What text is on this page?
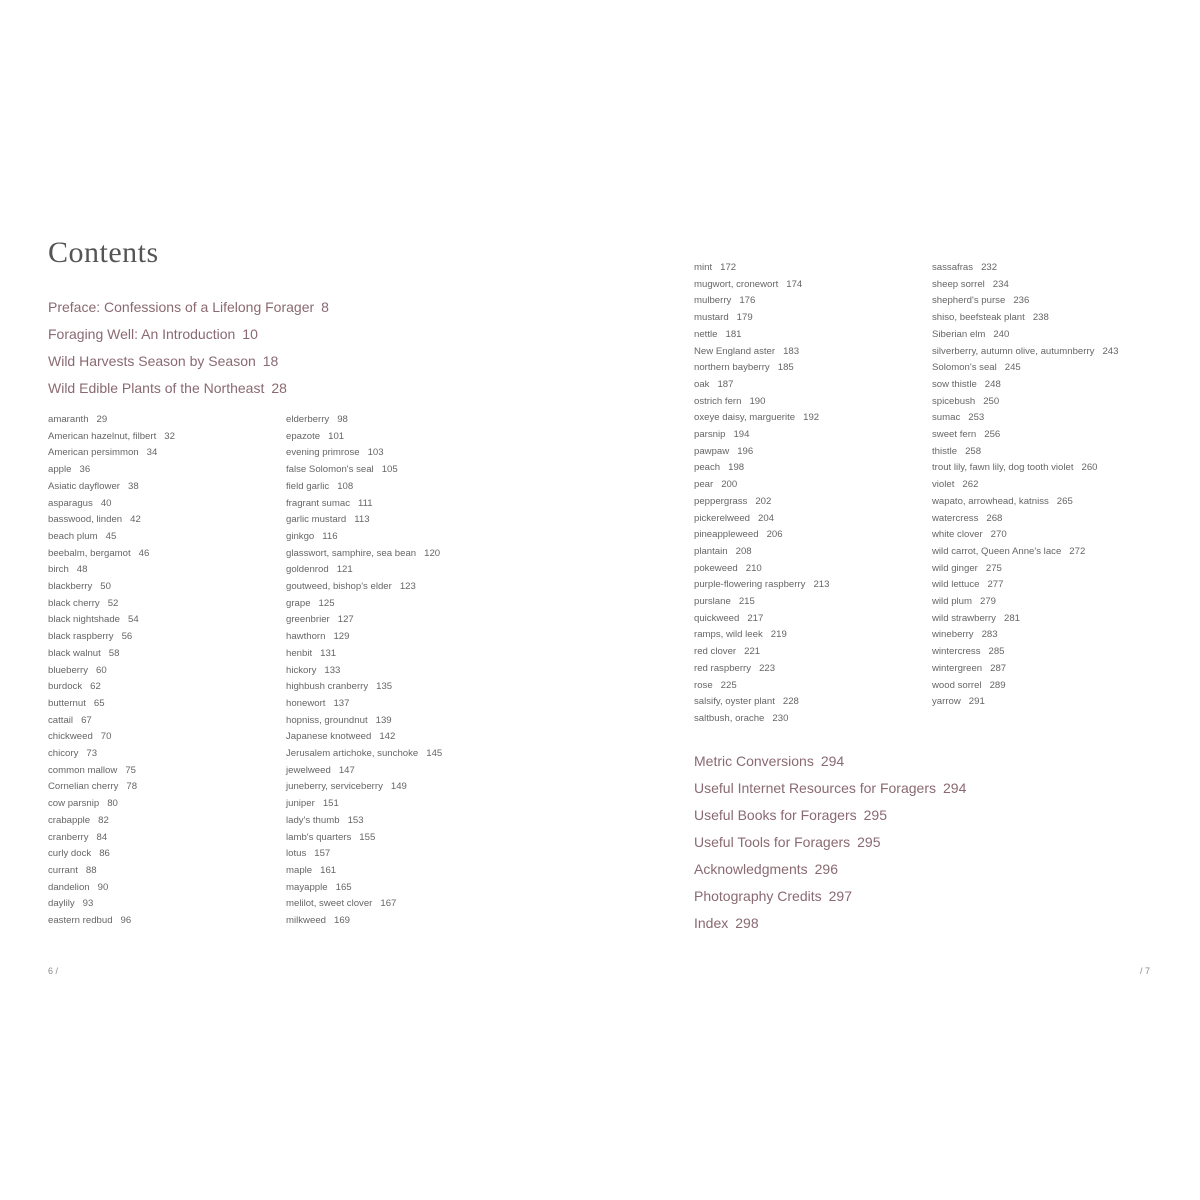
Contents
Preface: Confessions of a Lifelong Forager 8
Foraging Well: An Introduction 10
Wild Harvests Season by Season 18
Wild Edible Plants of the Northeast 28
amaranth 29
American hazelnut, filbert 32
American persimmon 34
apple 36
Asiatic dayflower 38
asparagus 40
basswood, linden 42
beach plum 45
beebalm, bergamot 46
birch 48
blackberry 50
black cherry 52
black nightshade 54
black raspberry 56
black walnut 58
blueberry 60
burdock 62
butternut 65
cattail 67
chickweed 70
chicory 73
common mallow 75
Cornelian cherry 78
cow parsnip 80
crabapple 82
cranberry 84
curly dock 86
currant 88
dandelion 90
daylily 93
eastern redbud 96
elderberry 98
epazote 101
evening primrose 103
false Solomon's seal 105
field garlic 108
fragrant sumac 111
garlic mustard 113
ginkgo 116
glasswort, samphire, sea bean 120
goldenrod 121
goutweed, bishop's elder 123
grape 125
greenbrier 127
hawthorn 129
henbit 131
hickory 133
highbush cranberry 135
honewort 137
hopniss, groundnut 139
Japanese knotweed 142
Jerusalem artichoke, sunchoke 145
jewelweed 147
juneberry, serviceberry 149
juniper 151
lady's thumb 153
lamb's quarters 155
lotus 157
maple 161
mayapple 165
melilot, sweet clover 167
milkweed 169
mint 172
mugwort, cronewort 174
mulberry 176
mustard 179
nettle 181
New England aster 183
northern bayberry 185
oak 187
ostrich fern 190
oxeye daisy, marguerite 192
parsnip 194
pawpaw 196
peach 198
pear 200
peppergrass 202
pickerelweed 204
pineappleweed 206
plantain 208
pokeweed 210
purple-flowering raspberry 213
purslane 215
quickweed 217
ramps, wild leek 219
red clover 221
red raspberry 223
rose 225
salsify, oyster plant 228
saltbush, orache 230
sassafras 232
sheep sorrel 234
shepherd's purse 236
shiso, beefsteak plant 238
Siberian elm 240
silverberry, autumn olive, autumnberry 243
Solomon's seal 245
sow thistle 248
spicebush 250
sumac 253
sweet fern 256
thistle 258
trout lily, fawn lily, dog tooth violet 260
violet 262
wapato, arrowhead, katniss 265
watercress 268
white clover 270
wild carrot, Queen Anne's lace 272
wild ginger 275
wild lettuce 277
wild plum 279
wild strawberry 281
wineberry 283
wintercress 285
wintergreen 287
wood sorrel 289
yarrow 291
Metric Conversions 294
Useful Internet Resources for Foragers 294
Useful Books for Foragers 295
Useful Tools for Foragers 295
Acknowledgments 296
Photography Credits 297
Index 298
6 /	/ 7
